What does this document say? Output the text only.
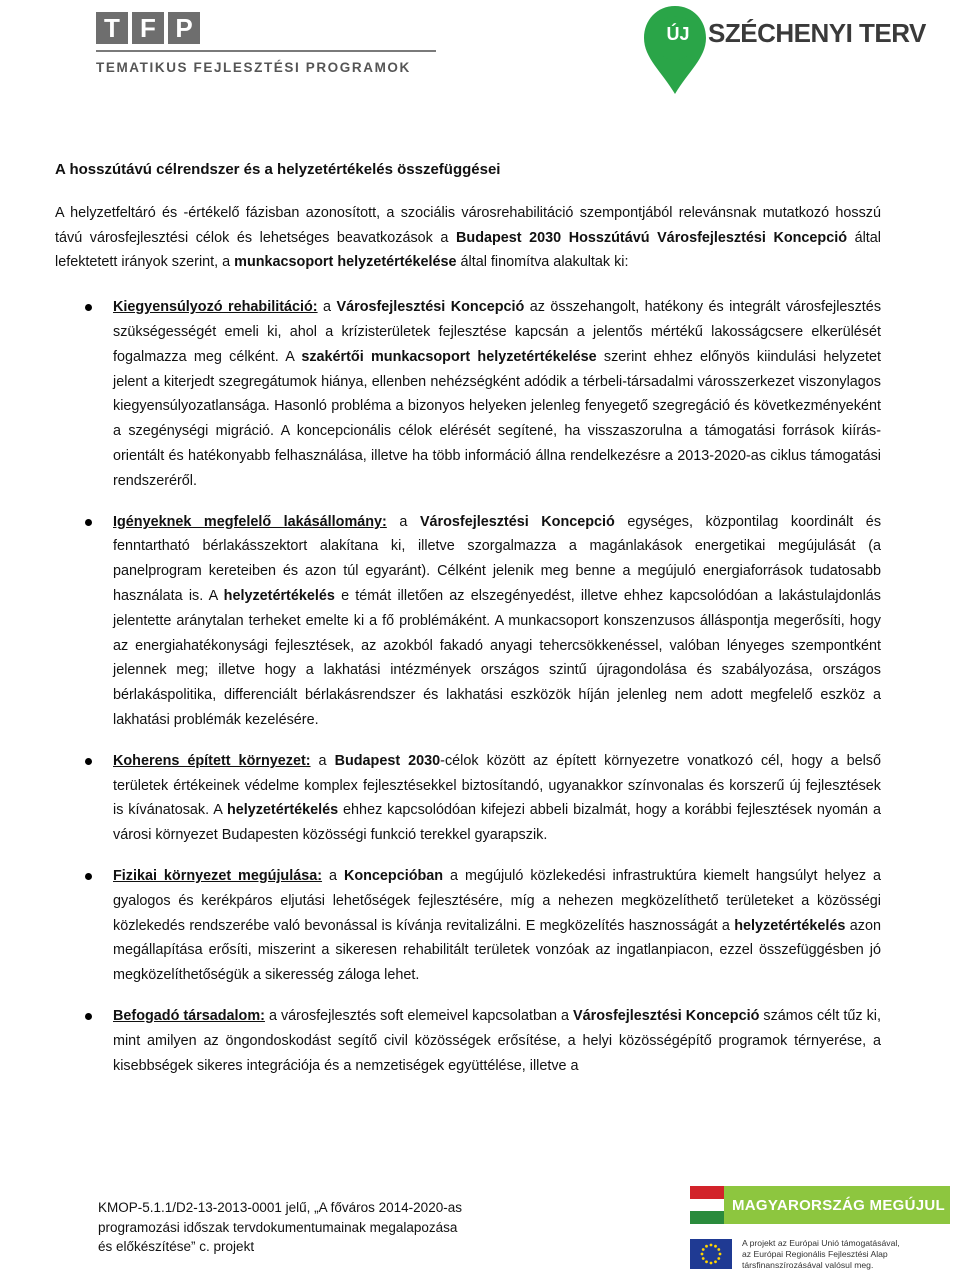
T F P
TEMATIKUS FEJLESZTÉSI PROGRAMOK
ÚJ SZÉCHENYI TERV
A hosszútávú célrendszer és a helyzetértékelés összefüggései

A helyzetfeltáró és -értékelő fázisban azonosított, a szociális városrehabilitáció szempontjából relevánsnak mutatkozó hosszú távú városfejlesztési célok és lehetséges beavatkozások a Budapest 2030 Hosszútávú Városfejlesztési Koncepció által lefektetett irányok szerint, a munkacsoport helyzetértékelése által finomítva alakultak ki:

Kiegyensúlyozó rehabilitáció: a Városfejlesztési Koncepció az összehangolt, hatékony és integrált városfejlesztés szükségességét emeli ki, ahol a krízisterületek fejlesztése kapcsán a jelentős mértékű lakosságcsere elkerülését fogalmazza meg célként. A szakértői munkacsoport helyzetértékelése szerint ehhez előnyös kiindulási helyzetet jelent a kiterjedt szegregátumok hiánya, ellenben nehézségként adódik a térbeli-társadalmi városszerkezet viszonylagos kiegyensúlyozatlansága. Hasonló probléma a bizonyos helyeken jelenleg fenyegető szegregáció és következményeként a szegénységi migráció. A koncepcionális célok elérését segítené, ha visszaszorulna a támogatási források kiírás-orientált és hatékonyabb felhasználása, illetve ha több információ állna rendelkezésre a 2013-2020-as ciklus támogatási rendszeréről.
Igényeknek megfelelő lakásállomány: a Városfejlesztési Koncepció egységes, központilag koordinált és fenntartható bérlakásszektort alakítana ki, illetve szorgalmazza a magánlakások energetikai megújulását (a panelprogram kereteiben és azon túl egyaránt). Célként jelenik meg benne a megújuló energiaforrások tudatosabb használata is. A helyzetértékelés e témát illetően az elszegényedést, illetve ehhez kapcsolódóan a lakástulajdonlás jelentette aránytalan terheket emelte ki a fő problémáként. A munkacsoport konszenzusos álláspontja megerősíti, hogy az energiahatékonysági fejlesztések, az azokból fakadó anyagi tehercsökkenéssel, valóban lényeges szempontként jelennek meg; illetve hogy a lakhatási intézmények országos szintű újragondolása és szabályozása, országos bérlakáspolitika, differenciált bérlakásrendszer és lakhatási eszközök híján jelenleg nem adott megfelelő eszköz a lakhatási problémák kezelésére.
Koherens épített környezet: a Budapest 2030-célok között az épített környezetre vonatkozó cél, hogy a belső területek értékeinek védelme komplex fejlesztésekkel biztosítandó, ugyanakkor színvonalas és korszerű új fejlesztések is kívánatosak. A helyzetértékelés ehhez kapcsolódóan kifejezi abbeli bizalmát, hogy a korábbi fejlesztések nyomán a városi környezet Budapesten közösségi funkció terekkel gyarapszik.
Fizikai környezet megújulása: a Koncepcióban a megújuló közlekedési infrastruktúra kiemelt hangsúlyt helyez a gyalogos és kerékpáros eljutási lehetőségek fejlesztésére, míg a nehezen megközelíthető területeket a közösségi közlekedés rendszerébe való bevonással is kívánja revitalizálni. E megközelítés hasznosságát a helyzetértékelés azon megállapítása erősíti, miszerint a sikeresen rehabilitált területek vonzóak az ingatlanpiacon, ezzel összefüggésben jó megközelíthetőségük a sikeresség záloga lehet.
Befogadó társadalom: a városfejlesztés soft elemeivel kapcsolatban a Városfejlesztési Koncepció számos célt tűz ki, mint amilyen az öngondoskodást segítő civil közösségek erősítése, a helyi közösségépítő programok térnyerése, a kisebbségek sikeres integrációja és a nemzetiségek együttélése, illetve a
KMOP-5.1.1/D2-13-2013-0001 jelű, „A főváros 2014-2020-as
programozási időszak tervdokumentumainak megalapozása
és előkészítése” c. projekt
MAGYARORSZÁG MEGÚJUL
A projekt az Európai Unió támogatásával,
az Európai Regionális Fejlesztési Alap
társfinanszírozásával valósul meg.
